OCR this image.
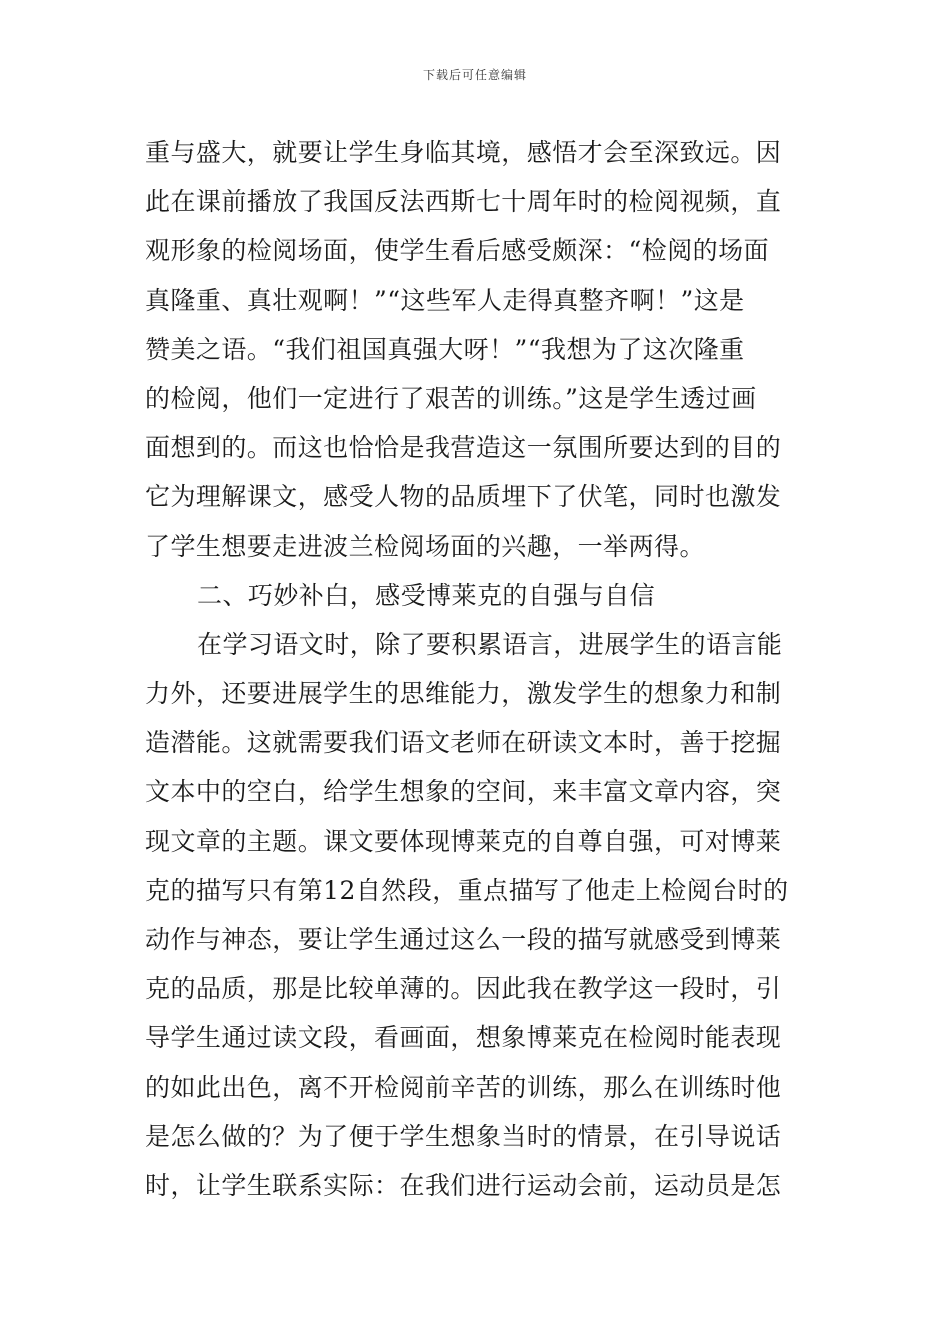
下载后可任意编辑
重与盛大，就要让学生身临其境，感悟才会至深致远。因
此在课前播放了我国反法西斯七十周年时的检阅视频，直
观形象的检阅场面，使学生看后感受颇深：“检阅的场面
真隆重、真壮观啊！”“这些军人走得真整齐啊！”这是
赞美之语。“我们祖国真强大呀！”“我想为了这次隆重
的检阅，他们一定进行了艰苦的训练。”这是学生透过画
面想到的。而这也恰恰是我营造这一氛围所要达到的目的
它为理解课文，感受人物的品质埋下了伏笔，同时也激发
了学生想要走进波兰检阅场面的兴趣，一举两得。
二、巧妙补白，感受博莱克的自强与自信
在学习语文时，除了要积累语言，进展学生的语言能
力外，还要进展学生的思维能力，激发学生的想象力和制
造潜能。这就需要我们语文老师在研读文本时，善于挖掘
文本中的空白，给学生想象的空间，来丰富文章内容，突
现文章的主题。课文要体现博莱克的自尊自强，可对博莱
克的描写只有第12自然段，重点描写了他走上检阅台时的
动作与神态，要让学生通过这么一段的描写就感受到博莱
克的品质，那是比较单薄的。因此我在教学这一段时，引
导学生通过读文段，看画面，想象博莱克在检阅时能表现
的如此出色，离不开检阅前辛苦的训练，那么在训练时他
是怎么做的？为了便于学生想象当时的情景，在引导说话
时，让学生联系实际：在我们进行运动会前，运动员是怎
